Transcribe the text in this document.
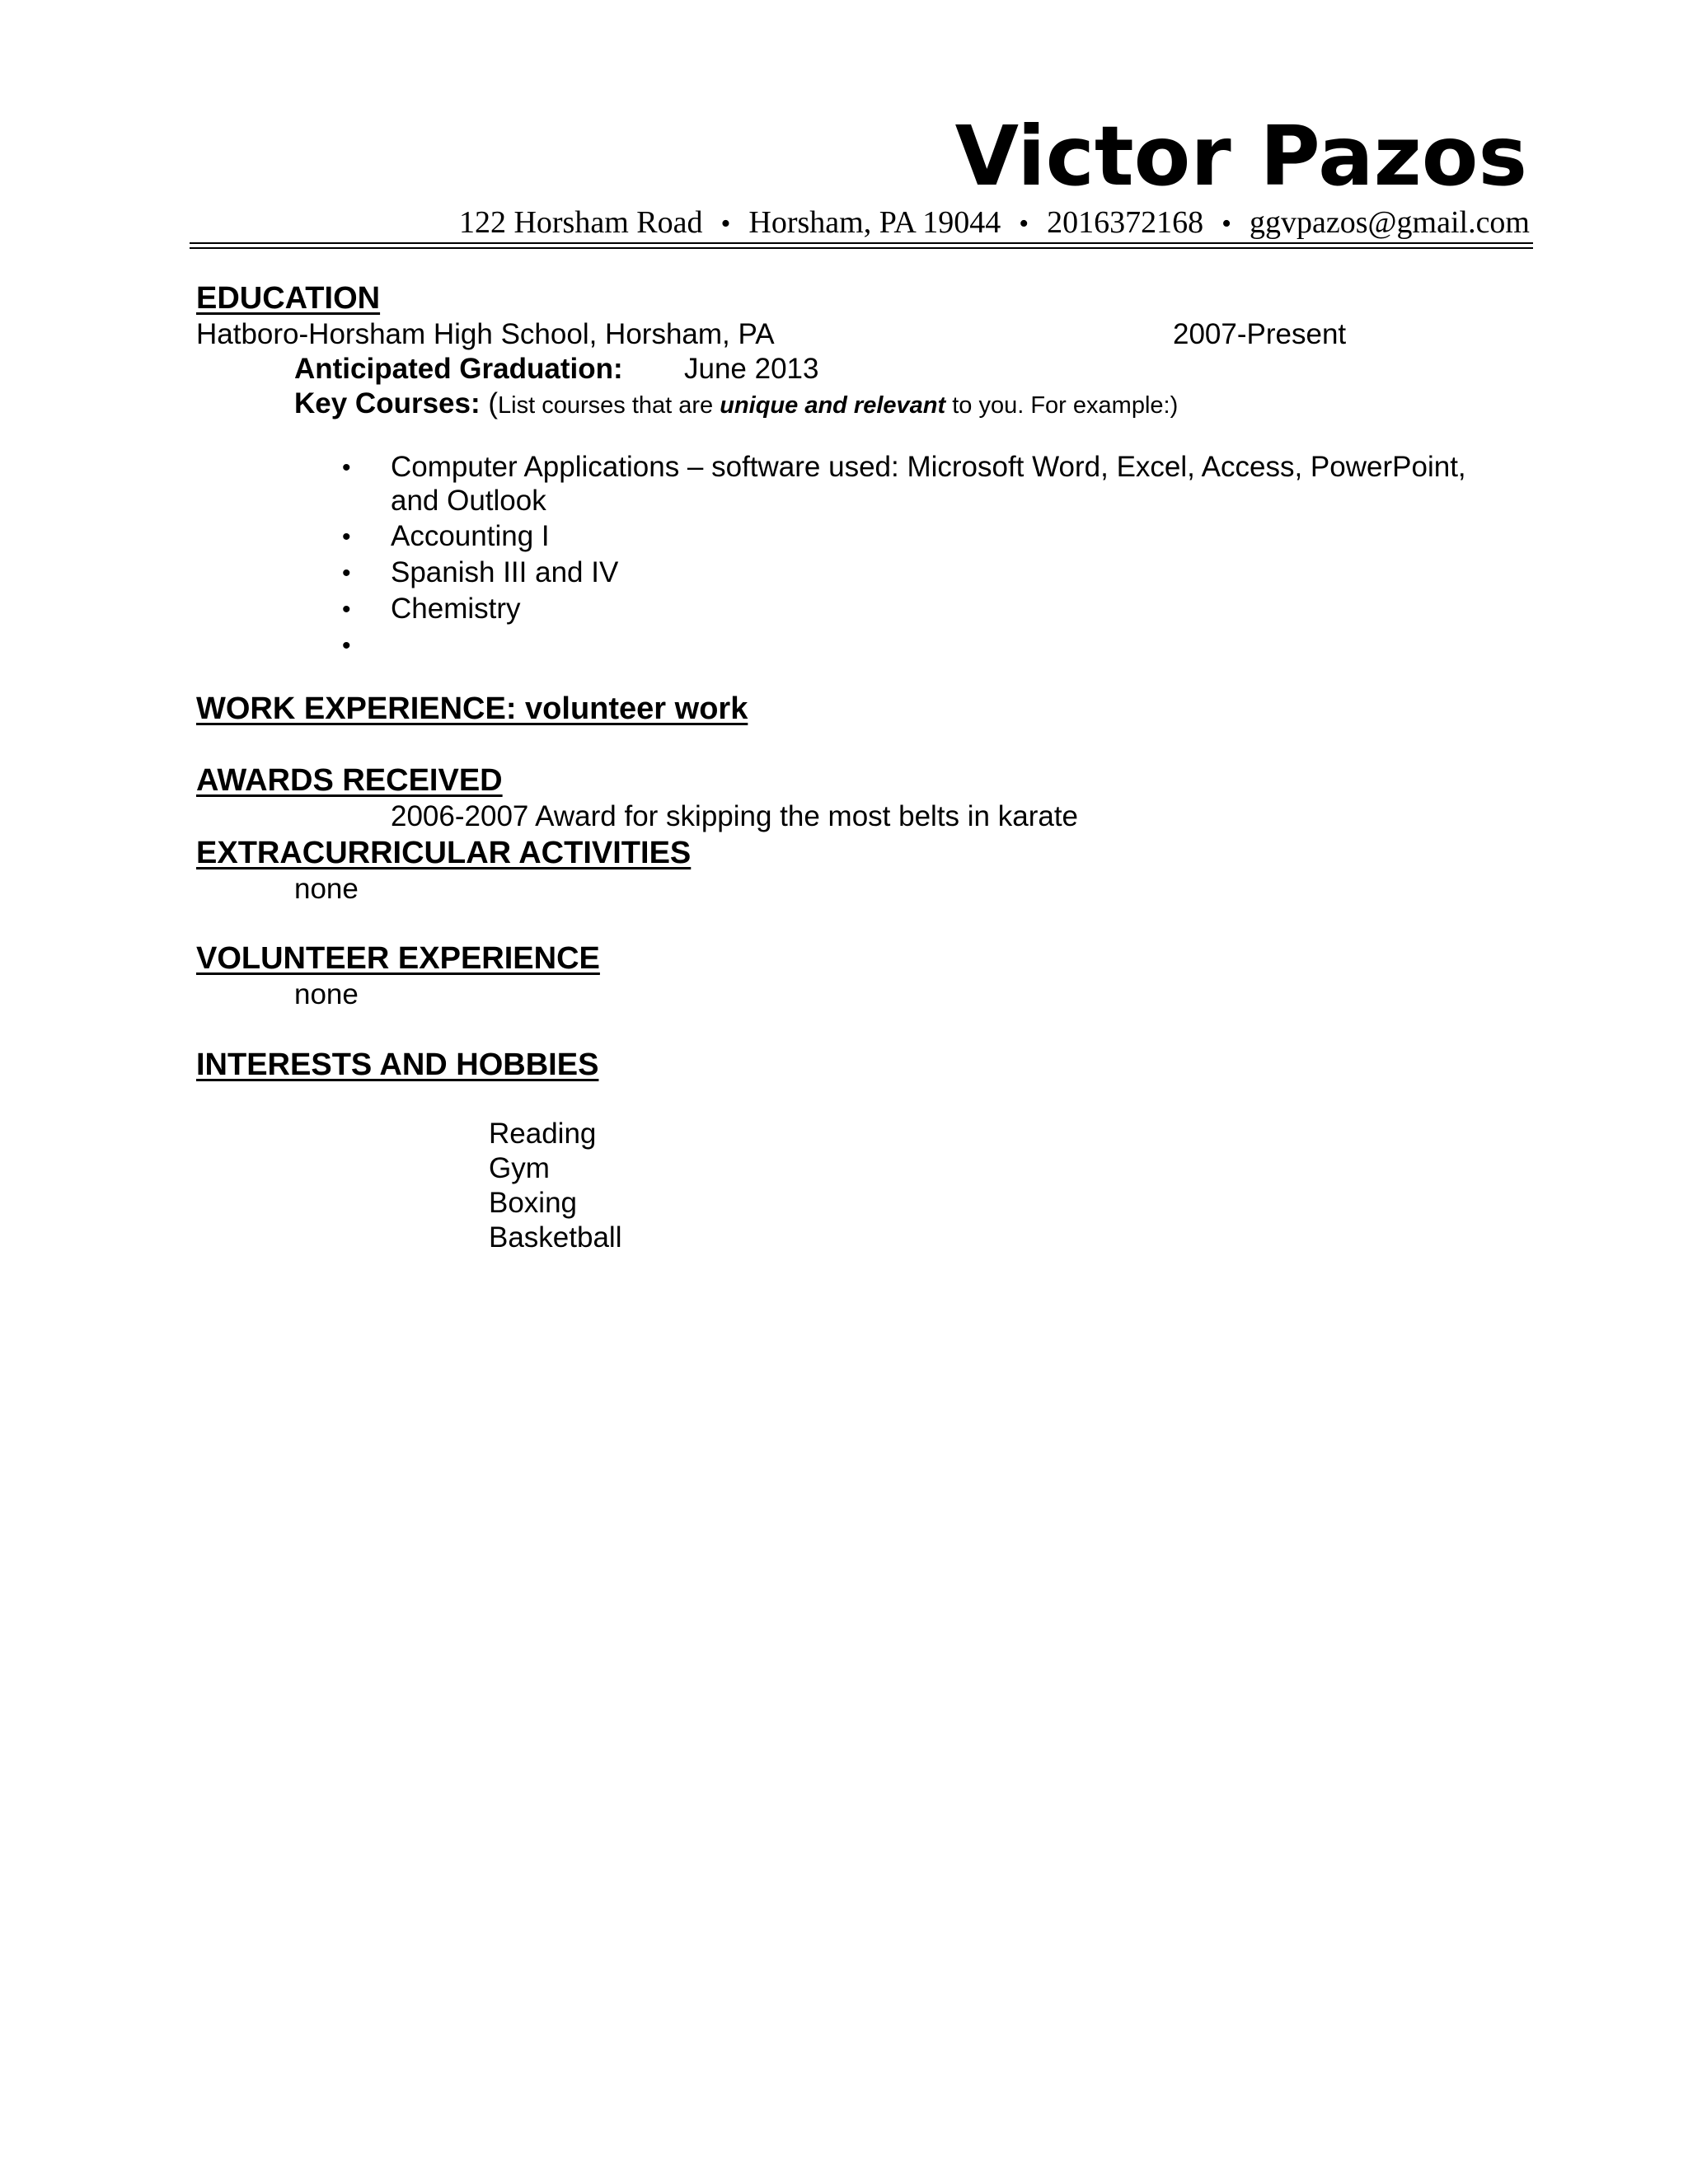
Victor Pazos
122 Horsham Road • Horsham, PA 19044 • 2016372168 • ggvpazos@gmail.com
EDUCATION
Hatboro-Horsham High School, Horsham, PA	2007-Present
Anticipated Graduation: June 2013
Key Courses: (List courses that are unique and relevant to you. For example:)
• Computer Applications – software used: Microsoft Word, Excel, Access, PowerPoint,
and Outlook
• Accounting I
• Spanish III and IV
• Chemistry
•
WORK EXPERIENCE: volunteer work
AWARDS RECEIVED
2006-2007 Award for skipping the most belts in karate
EXTRACURRICULAR ACTIVITIES
none
VOLUNTEER EXPERIENCE
none
INTERESTS AND HOBBIES
Reading
Gym
Boxing
Basketball
